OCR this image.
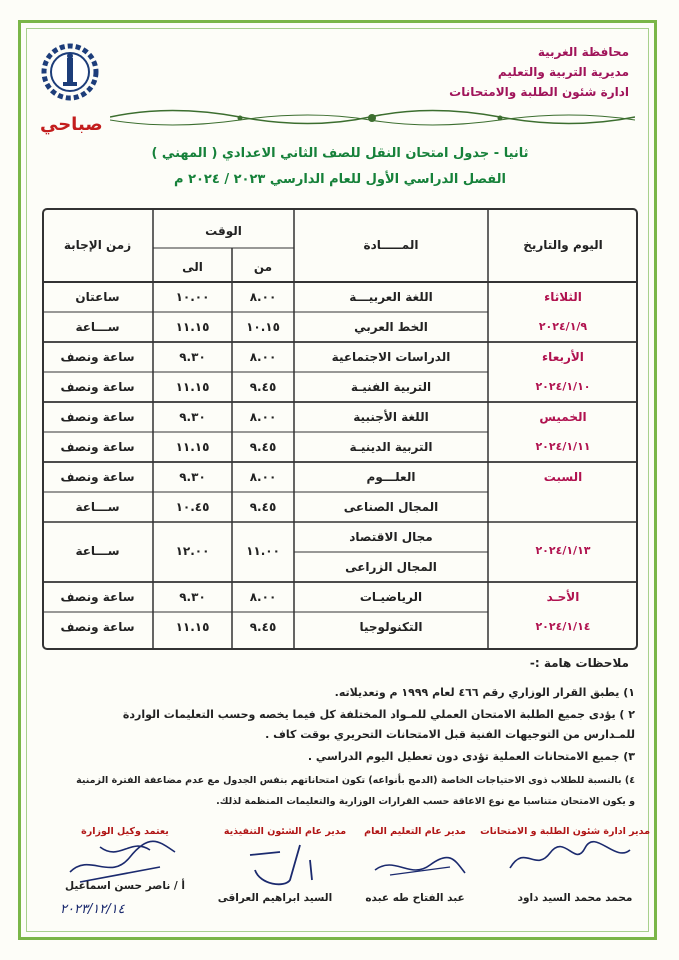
محافظة الغربية
مديرية التربية والتعليم
ادارة شئون الطلبة والامتحانات
صباحي
ثانيا - جدول امتحان النقل للصف الثاني الاعدادي ( المهني )
الفصل الدراسي الأول للعام الدارسي ٢٠٢٣ / ٢٠٢٤ م
اليوم والتاريخ
المـــــادة
الوقت
من
الى
زمن الإجابة
اللغة العربيـــة
٨.٠٠
١٠.٠٠
ساعتان
الخط العربي
١٠.١٥
١١.١٥
ســـاعة
الدراسات الاجتماعية
٨.٠٠
٩.٣٠
ساعة ونصف
التربية الفنيـة
٩.٤٥
١١.١٥
ساعة ونصف
اللغة الأجنبية
٨.٠٠
٩.٣٠
ساعة ونصف
التربية الدينيـة
٩.٤٥
١١.١٥
ساعة ونصف
العلـــوم
٨.٠٠
٩.٣٠
ساعة ونصف
المجال الصناعى
٩.٤٥
١٠.٤٥
ســـاعة
مجال الاقتصاد
المجال الزراعى
الرياضيـات
٨.٠٠
٩.٣٠
ساعة ونصف
التكنولوجيا
٩.٤٥
١١.١٥
ساعة ونصف
١١.٠٠
١٢.٠٠
ســـاعة
الثلاثاء
٢٠٢٤/١/٩
الأربعاء
٢٠٢٤/١/١٠
الخميس
٢٠٢٤/١/١١
السبت
٢٠٢٤/١/١٣
الأحـد
٢٠٢٤/١/١٤
ملاحظات هامة :-
١) يطبق القرار الوزاري رقم ٤٦٦ لعام ١٩٩٩ م وتعديلاته.
٢ ) يؤدى جميع الطلبة الامتحان العملي للمـواد المختلفة كل فيما يخصه وحسب التعليمات الواردة
للمـدارس من التوجيهات الفنية قبل الامتحانات التحريري بوقت كاف .
٣) جميع الامتحانات العملية تؤدى دون تعطيل اليوم الدراسي .
٤) بالنسبة للطلاب ذوى الاحتياجات الخاصة (الدمج بأنواعه) تكون امتحاناتهم بنفس الجدول مع عدم مضاعفة الفترة الزمنية
و يكون الامتحان متناسبا مع نوع الاعاقة حسب القرارات الوزارية والتعليمات المنظمة لذلك.
مدير ادارة شئون الطلبة و الامتحانات
مدير عام التعليم العام
مدير عام الشئون التنفيذية
يعتمد وكيل الوزارة
محمد محمد السيد داود
عبد الفتاح طه عبده
السيد ابراهيم العراقى
أ / ناصر حسن اسماعيل
٢٠٢٣/١٢/١٤
